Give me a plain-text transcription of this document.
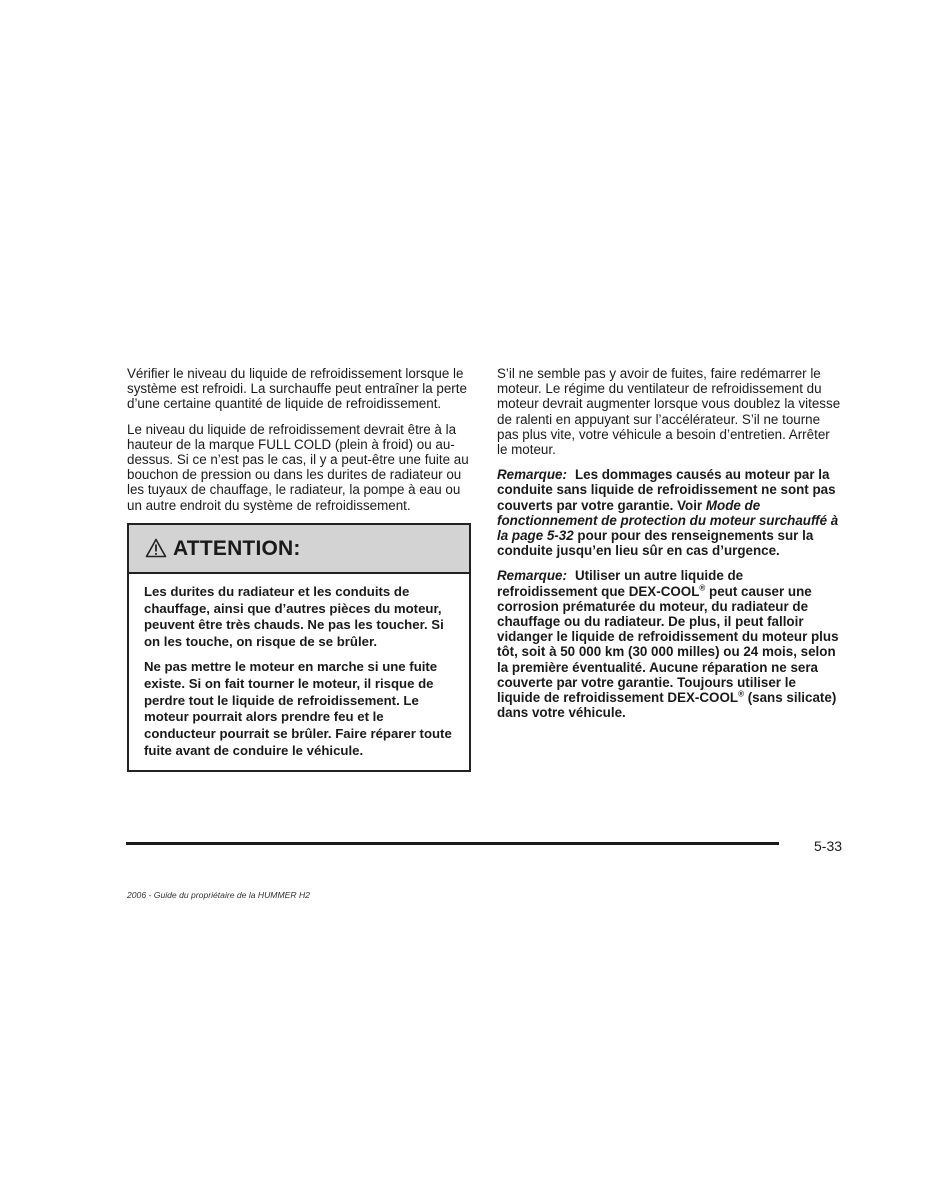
Vérifier le niveau du liquide de refroidissement lorsque le système est refroidi. La surchauffe peut entraîner la perte d’une certaine quantité de liquide de refroidissement.

Le niveau du liquide de refroidissement devrait être à la hauteur de la marque FULL COLD (plein à froid) ou au-dessus. Si ce n’est pas le cas, il y a peut-être une fuite au bouchon de pression ou dans les durites de radiateur ou les tuyaux de chauffage, le radiateur, la pompe à eau ou un autre endroit du système de refroidissement.

ATTENTION:

Les durites du radiateur et les conduits de chauffage, ainsi que d’autres pièces du moteur, peuvent être très chauds. Ne pas les toucher. Si on les touche, on risque de se brûler.

Ne pas mettre le moteur en marche si une fuite existe. Si on fait tourner le moteur, il risque de perdre tout le liquide de refroidissement. Le moteur pourrait alors prendre feu et le conducteur pourrait se brûler. Faire réparer toute fuite avant de conduire le véhicule.

S’il ne semble pas y avoir de fuites, faire redémarrer le moteur. Le régime du ventilateur de refroidissement du moteur devrait augmenter lorsque vous doublez la vitesse de ralenti en appuyant sur l’accélérateur. S’il ne tourne pas plus vite, votre véhicule a besoin d’entretien. Arrêter le moteur.

Remarque: Les dommages causés au moteur par la conduite sans liquide de refroidissement ne sont pas couverts par votre garantie. Voir Mode de fonctionnement de protection du moteur surchauffé à la page 5-32 pour pour des renseignements sur la conduite jusqu’en lieu sûr en cas d’urgence.

Remarque: Utiliser un autre liquide de refroidissement que DEX-COOL® peut causer une corrosion prématurée du moteur, du radiateur de chauffage ou du radiateur. De plus, il peut falloir vidanger le liquide de refroidissement du moteur plus tôt, soit à 50 000 km (30 000 milles) ou 24 mois, selon la première éventualité. Aucune réparation ne sera couverte par votre garantie. Toujours utiliser le liquide de refroidissement DEX-COOL® (sans silicate) dans votre véhicule.

5-33
2006 - Guide du propriétaire de la HUMMER H2
